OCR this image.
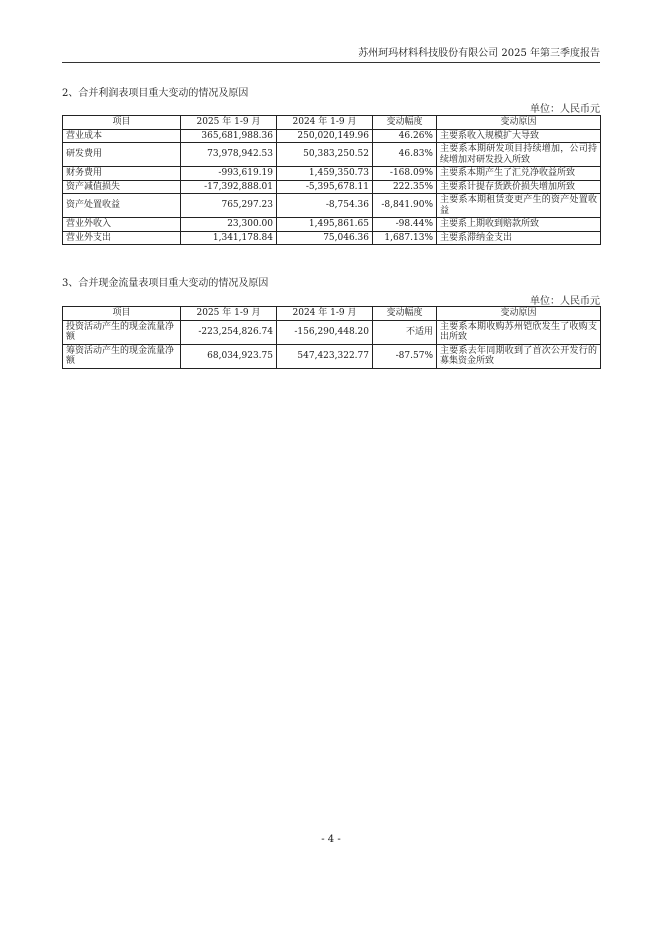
苏州珂玛材料科技股份有限公司 2025 年第三季度报告
2、合并利润表项目重大变动的情况及原因
单位：人民币元
项目	2025 年 1-9 月	2024 年 1-9 月	变动幅度	变动原因
营业成本	365,681,988.36	250,020,149.96	46.26%	主要系收入规模扩大导致
研发费用	73,978,942.53	50,383,250.52	46.83%	主要系本期研发项目持续增加，公司持续增加对研发投入所致
财务费用	-993,619.19	1,459,350.73	-168.09%	主要系本期产生了汇兑净收益所致
资产减值损失	-17,392,888.01	-5,395,678.11	222.35%	主要系计提存货跌价损失增加所致
资产处置收益	765,297.23	-8,754.36	-8,841.90%	主要系本期租赁变更产生的资产处置收益
营业外收入	23,300.00	1,495,861.65	-98.44%	主要系上期收到赔款所致
营业外支出	1,341,178.84	75,046.36	1,687.13%	主要系滞纳金支出
3、合并现金流量表项目重大变动的情况及原因
单位：人民币元
项目	2025 年 1-9 月	2024 年 1-9 月	变动幅度	变动原因
投资活动产生的现金流量净额	-223,254,826.74	-156,290,448.20	不适用	主要系本期收购苏州铠欣发生了收购支出所致
筹资活动产生的现金流量净额	68,034,923.75	547,423,322.77	-87.57%	主要系去年同期收到了首次公开发行的募集资金所致
- 4 -
